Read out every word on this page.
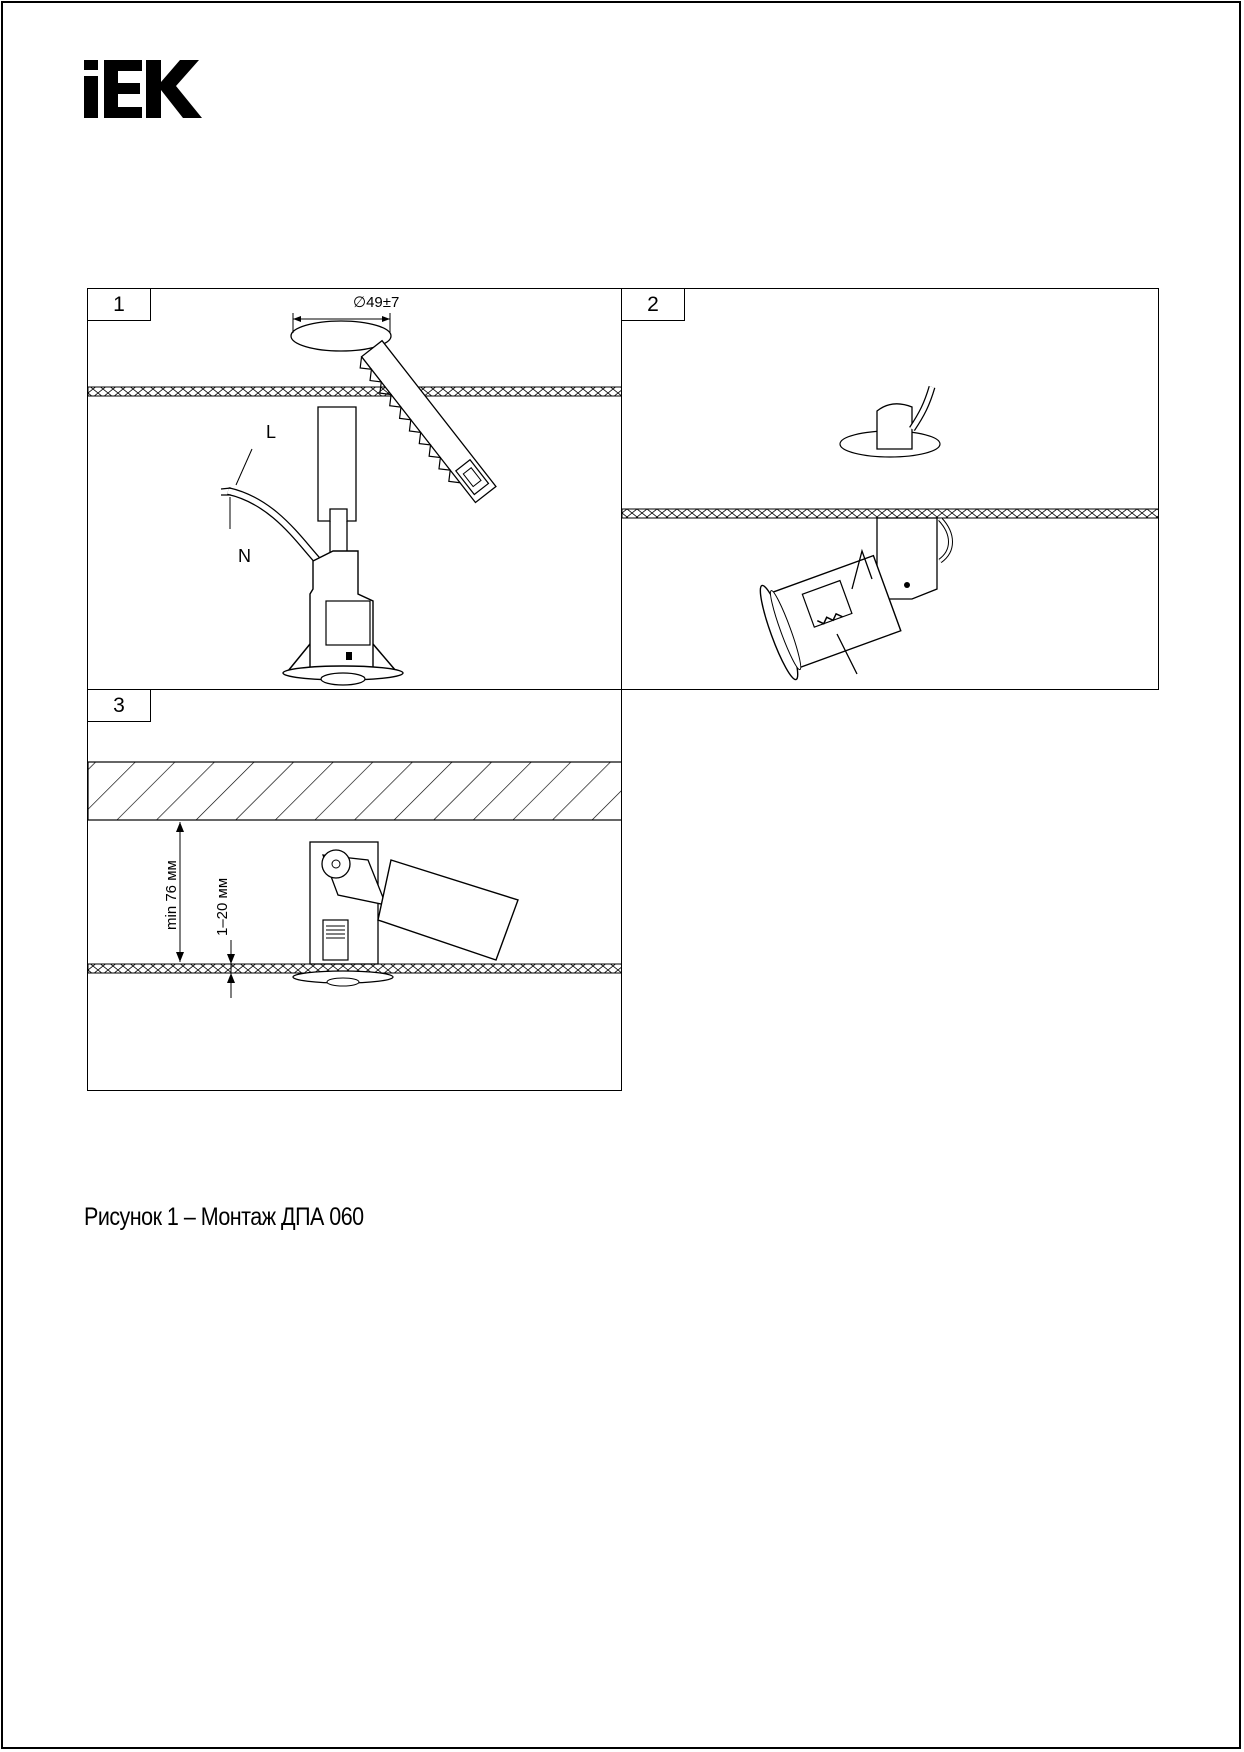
1	∅49±7
L
N
2
3
min 76 мм 1–20 мм
Рисунок 1 – Монтаж ДПА 060
